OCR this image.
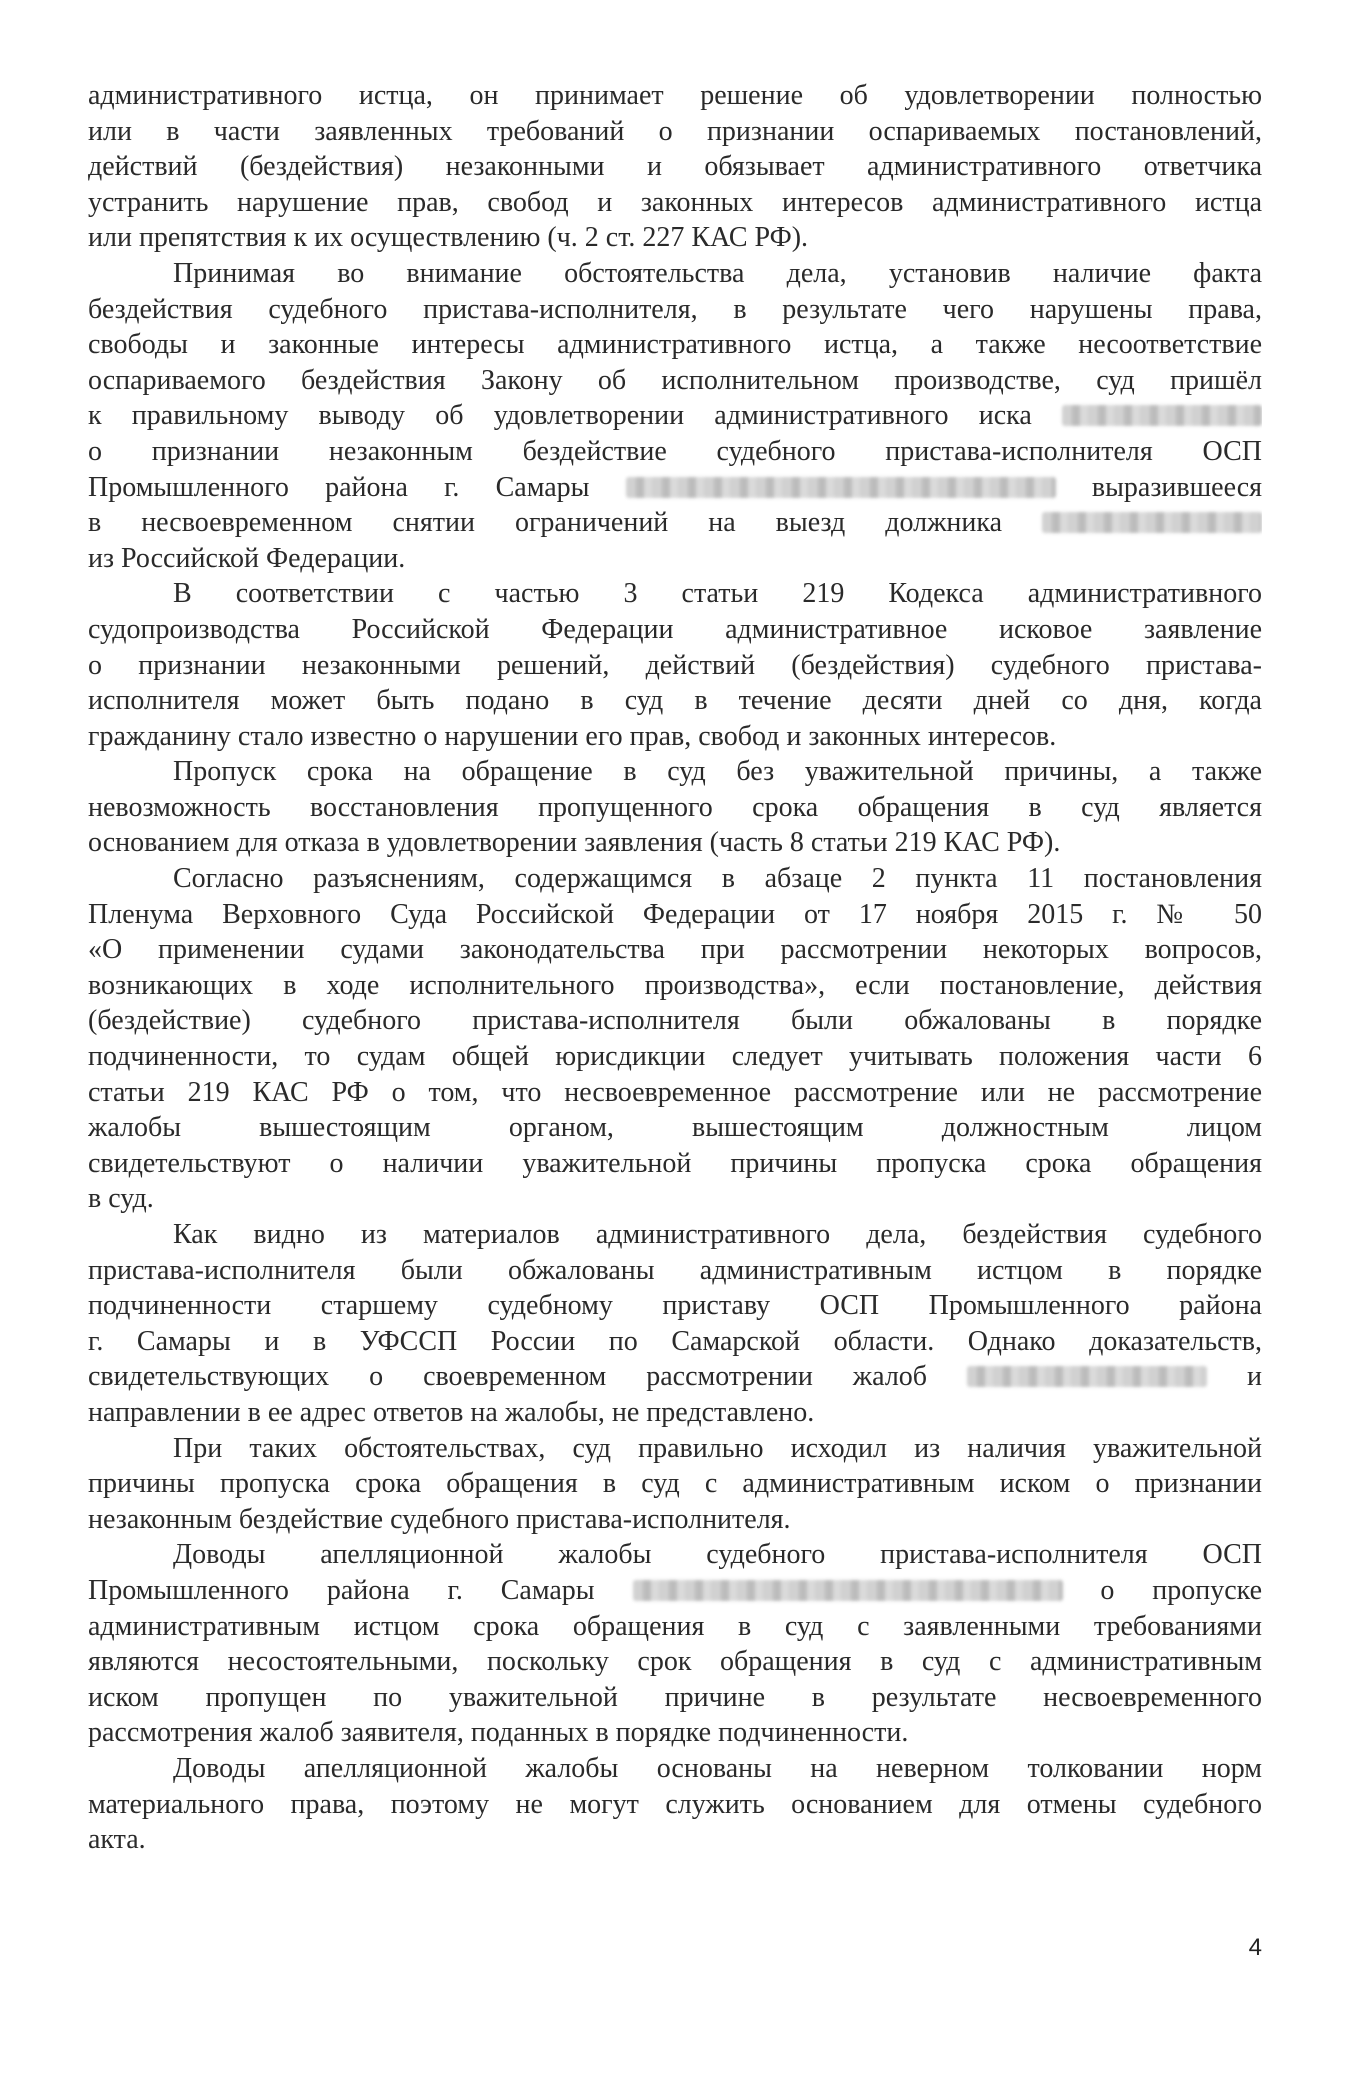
административного истца, он принимает решение об удовлетворении полностью
или в части заявленных требований о признании оспариваемых постановлений,
действий (бездействия) незаконными и обязывает административного ответчика
устранить нарушение прав, свобод и законных интересов административного истца
или препятствия к их осуществлению (ч. 2 ст. 227 КАС РФ).
Принимая во внимание обстоятельства дела, установив наличие факта
бездействия судебного пристава-исполнителя, в результате чего нарушены права,
свободы и законные интересы административного истца, а также несоответствие
оспариваемого бездействия Закону об исполнительном производстве, суд пришёл
к правильному выводу об удовлетворении административного иска
о признании незаконным бездействие судебного пристава-исполнителя ОСП
Промышленного района г. Самары	выразившееся
в несвоевременном снятии ограничений на выезд должника
из Российской Федерации.
В соответствии с частью 3 статьи 219 Кодекса административного
судопроизводства Российской Федерации административное исковое заявление
о признании незаконными решений, действий (бездействия) судебного пристава-
исполнителя может быть подано в суд в течение десяти дней со дня, когда
гражданину стало известно о нарушении его прав, свобод и законных интересов.
Пропуск срока на обращение в суд без уважительной причины, а также
невозможность восстановления пропущенного срока обращения в суд является
основанием для отказа в удовлетворении заявления (часть 8 статьи 219 КАС РФ).
Согласно разъяснениям, содержащимся в абзаце 2 пункта 11 постановления
Пленума Верховного Суда Российской Федерации от 17 ноября 2015 г. № 50
«О применении судами законодательства при рассмотрении некоторых вопросов,
возникающих в ходе исполнительного производства», если постановление, действия
(бездействие) судебного пристава-исполнителя были обжалованы в порядке
подчиненности, то судам общей юрисдикции следует учитывать положения части 6
статьи 219 КАС РФ о том, что несвоевременное рассмотрение или не рассмотрение
жалобы вышестоящим органом, вышестоящим должностным лицом
свидетельствуют о наличии уважительной причины пропуска срока обращения
в суд.
Как видно из материалов административного дела, бездействия судебного
пристава-исполнителя были обжалованы административным истцом в порядке
подчиненности старшему судебному приставу ОСП Промышленного района
г. Самары и в УФССП России по Самарской области. Однако доказательств,
свидетельствующих о своевременном рассмотрении жалоб	и
направлении в ее адрес ответов на жалобы, не представлено.
При таких обстоятельствах, суд правильно исходил из наличия уважительной
причины пропуска срока обращения в суд с административным иском о признании
незаконным бездействие судебного пристава-исполнителя.
Доводы апелляционной жалобы судебного пристава-исполнителя ОСП
Промышленного района г. Самары	о пропуске
административным истцом срока обращения в суд с заявленными требованиями
являются несостоятельными, поскольку срок обращения в суд с административным
иском пропущен по уважительной причине в результате несвоевременного
рассмотрения жалоб заявителя, поданных в порядке подчиненности.
Доводы апелляционной жалобы основаны на неверном толковании норм
материального права, поэтому не могут служить основанием для отмены судебного
акта.
4
